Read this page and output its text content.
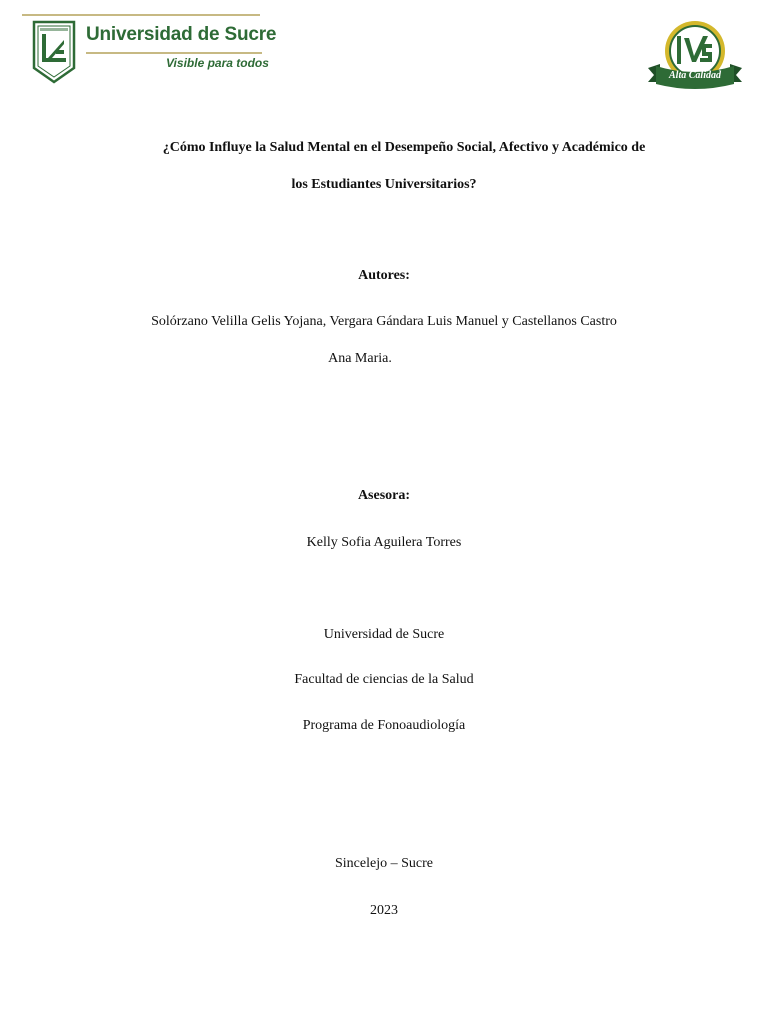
Universidad de Sucre
Visible para todos
Alta Calidad
¿Cómo Influye la Salud Mental en el Desempeño Social, Afectivo y Académico de
los Estudiantes Universitarios?
Autores:
Solórzano Velilla Gelis Yojana, Vergara Gándara Luis Manuel y Castellanos Castro
Ana Maria.
Asesora:
Kelly Sofia Aguilera Torres
Universidad de Sucre
Facultad de ciencias de la Salud
Programa de Fonoaudiología
Sincelejo – Sucre
2023
